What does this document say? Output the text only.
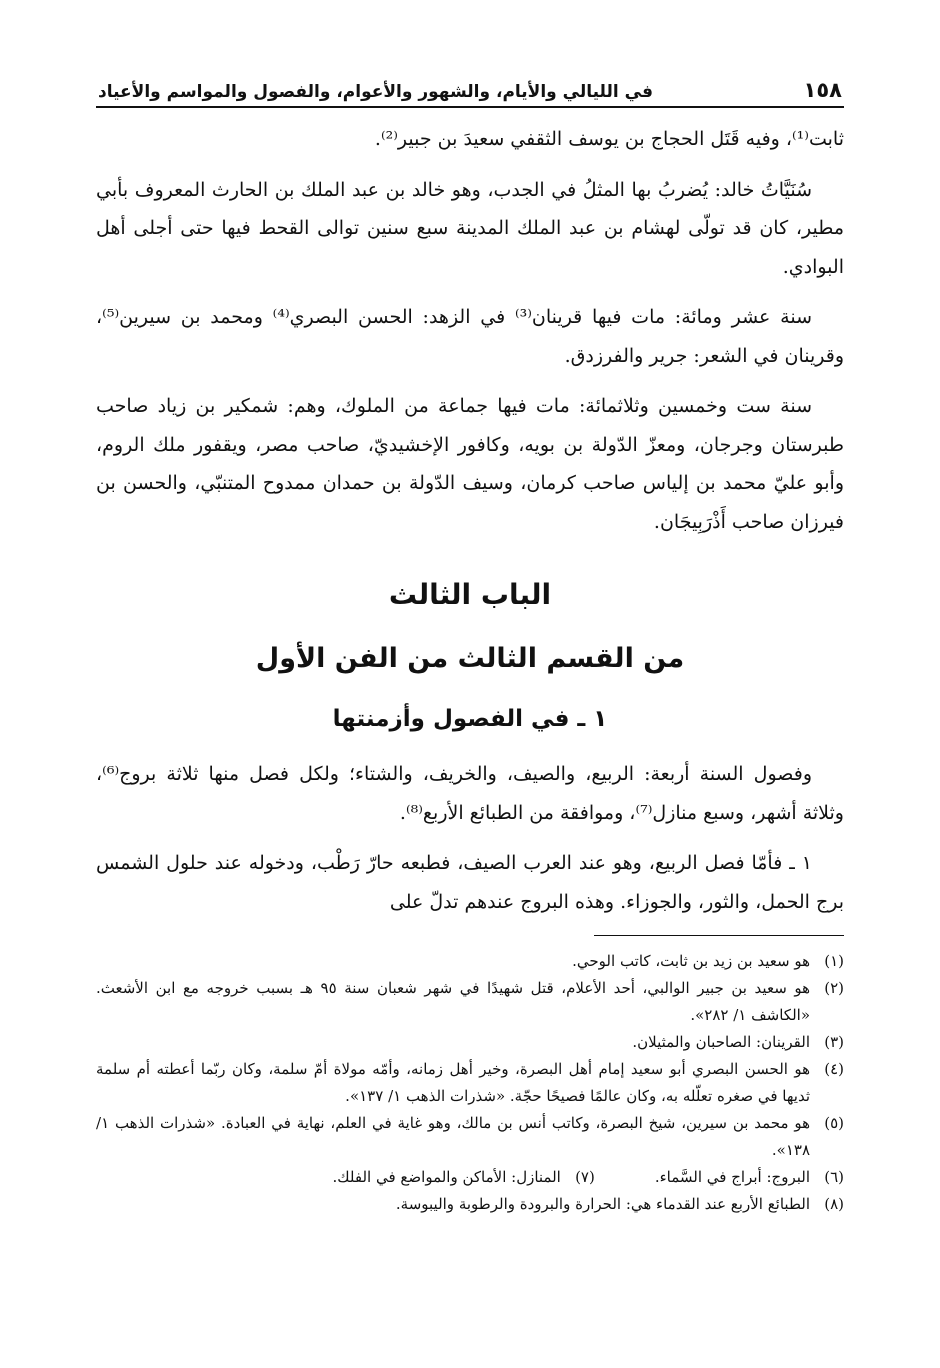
١٥٨
في الليالي والأيام، والشهور والأعوام، والفصول والمواسم والأعياد

ثابت⁽¹⁾، وفيه قَتَل الحجاج بن يوسف الثقفي سعيدَ بن جبير⁽²⁾.

سُنَيَّاتُ خالد: يُضربُ بها المثلُ في الجدب، وهو خالد بن عبد الملك بن الحارث المعروف بأبي مطير، كان قد تولّى لهشام بن عبد الملك المدينة سبع سنين توالى القحط فيها حتى أجلى أهل البوادي.

سنة عشر ومائة: مات فيها قرينان⁽³⁾ في الزهد: الحسن البصري⁽⁴⁾ ومحمد بن سيرين⁽⁵⁾، وقرينان في الشعر: جرير والفرزدق.

سنة ست وخمسين وثلاثمائة: مات فيها جماعة من الملوك، وهم: شمكير بن زياد صاحب طبرستان وجرجان، ومعزّ الدّولة بن بويه، وكافور الإخشيديّ، صاحب مصر، ويقفور ملك الروم، وأبو عليّ محمد بن إلياس صاحب كرمان، وسيف الدّولة بن حمدان ممدوح المتنبّي، والحسن بن فيرزان صاحب أَذْرَبِيجَان.

الباب الثالث
من القسم الثالث من الفن الأول
١ ـ في الفصول وأزمنتها

وفصول السنة أربعة: الربيع، والصيف، والخريف، والشتاء؛ ولكل فصل منها ثلاثة بروج⁽⁶⁾، وثلاثة أشهر، وسبع منازل⁽⁷⁾، وموافقة من الطبائع الأربع⁽⁸⁾.

١ ـ فأمّا فصل الربيع، وهو عند العرب الصيف، فطبعه حارّ رَطْب، ودخوله عند حلول الشمس برج الحمل، والثور، والجوزاء. وهذه البروج عندهم تدلّ على

(١)
هو سعيد بن زيد بن ثابت، كاتب الوحي.
(٢)
هو سعيد بن جبير الوالبي، أحد الأعلام، قتل شهيدًا في شهر شعبان سنة ٩٥ هـ بسبب خروجه مع ابن الأشعث. «الكاشف ١/ ٢٨٢».
(٣)
القرينان: الصاحبان والمثيلان.
(٤)
هو الحسن البصري أبو سعيد إمام أهل البصرة، وخير أهل زمانه، وأمّه مولاة أمّ سلمة، وكان ربّما أعطته أم سلمة ثديها في صغره تعلّله به، وكان عالمًا فصيحًا حجّة. «شذرات الذهب ١/ ١٣٧».
(٥)
هو محمد بن سيرين، شيخ البصرة، وكاتب أنس بن مالك، وهو غاية في العلم، نهاية في العبادة. «شذرات الذهب ١/ ١٣٨».
(٦)
البروج: أبراج في السَّماء.
(٧)
المنازل: الأماكن والمواضع في الفلك.
(٨)
الطبائع الأربع عند القدماء هي: الحرارة والبرودة والرطوبة واليبوسة.
